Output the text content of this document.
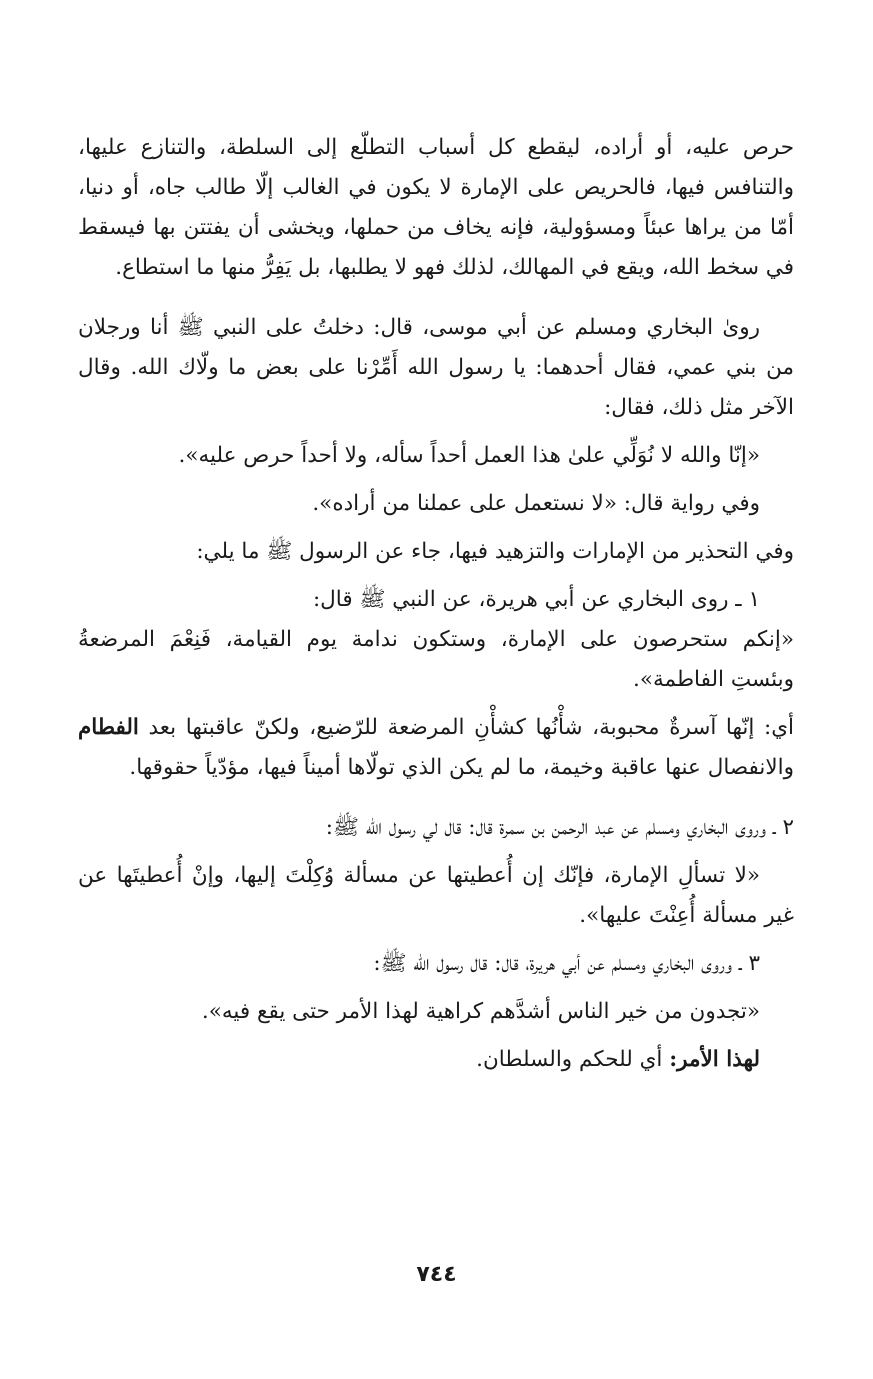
حرص عليه، أو أراده، ليقطع كل أسباب التطلّع إلى السلطة، والتنازع عليها، والتنافس فيها، فالحريص على الإمارة لا يكون في الغالب إلّا طالب جاه، أو دنيا، أمّا من يراها عبئاً ومسؤولية، فإنه يخاف من حملها، ويخشى أن يفتتن بها فيسقط في سخط الله، ويقع في المهالك، لذلك فهو لا يطلبها، بل يَفِرُّ منها ما استطاع.

روىٰ البخاري ومسلم عن أبي موسى، قال: دخلتُ على النبي ﷺ أنا ورجلان من بني عمي، فقال أحدهما: يا رسول الله أَمِّرْنا على بعض ما ولّاك الله. وقال الآخر مثل ذلك، فقال:

«إنّا والله لا نُوَلِّي علىٰ هذا العمل أحداً سأله، ولا أحداً حرص عليه».

وفي رواية قال: «لا نستعمل على عملنا من أراده».

وفي التحذير من الإمارات والتزهيد فيها، جاء عن الرسول ﷺ ما يلي:

١ ـ روى البخاري عن أبي هريرة، عن النبي ﷺ قال:

«إنكم ستحرصون على الإمارة، وستكون ندامة يوم القيامة، فَنِعْمَ المرضعةُ وبئستِ الفاطمة».

أي: إنّها آسرةٌ محبوبة، شأْنُها كشأْنِ المرضعة للرّضيع، ولكنّ عاقبتها بعد الفطام والانفصال عنها عاقبة وخيمة، ما لم يكن الذي تولّاها أميناً فيها، مؤدّياً حقوقها.

٢ ـ وروى البخاري ومسلم عن عبد الرحمن بن سمرة قال: قال لي رسول الله ﷺ:

«لا تسألِ الإمارة، فإنّك إن أُعطيتها عن مسألة وُكِلْتَ إليها، وإنْ أُعطيتَها عن غير مسألة أُعِنْتَ عليها».

٣ ـ وروى البخاري ومسلم عن أبي هريرة، قال: قال رسول الله ﷺ:

«تجدون من خير الناس أشدَّهم كراهية لهذا الأمر حتى يقع فيه».

لهذا الأمر: أي للحكم والسلطان.

٧٤٤
